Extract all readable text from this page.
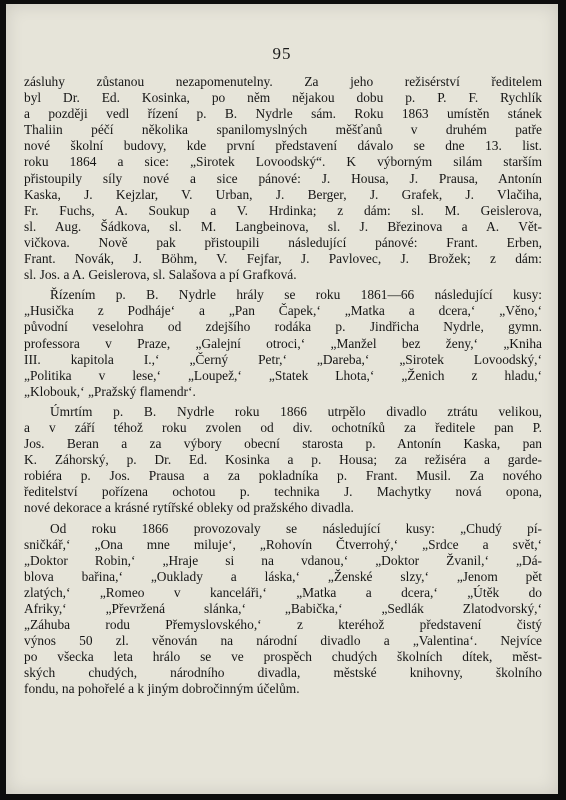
95
zásluhy zůstanou nezapomenutelny. Za jeho režisérství ředitelem
byl Dr. Ed. Kosinka, po něm nějakou dobu p. P. F. Rychlík
a později vedl řízení p. B. Nydrle sám. Roku 1863 umístěn stánek
Thaliin péčí několika spanilomyslných měšťanů v druhém patře
nové školní budovy, kde první představení dávalo se dne 13. list.
roku 1864 a sice: „Sirotek Lovoodský“. K výborným silám starším
přistoupily síly nové a sice pánové: J. Housa, J. Prausa, Antonín
Kaska, J. Kejzlar, V. Urban, J. Berger, J. Grafek, J. Vlačiha,
Fr. Fuchs, A. Soukup a V. Hrdinka; z dám: sl. M. Geislerova,
sl. Aug. Šádkova, sl. M. Langbeinova, sl. J. Březinova a A. Vět-
vičkova. Nově pak přistoupili následující pánové: Frant. Erben,
Frant. Novák, J. Böhm, V. Fejfar, J. Pavlovec, J. Brožek; z dám:
sl. Jos. a A. Geislerova, sl. Salašova a pí Grafková.
Řízením p. B. Nydrle hrály se roku 1861—66 následující kusy:
„Husička z Podhájeʻ a „Pan Čapek,ʻ „Matka a dcera,ʻ „Věno,ʻ
původní veselohra od zdejšího rodáka p. Jindřicha Nydrle, gymn.
professora v Praze, „Galejní otroci,ʻ „Manžel bez ženy,ʻ „Kniha
III. kapitola I.,ʻ „Černý Petr,ʻ „Dareba,ʻ „Sirotek Lovoodský,ʻ
„Politika v lese,ʻ „Loupež,ʻ „Statek Lhota,ʻ „Ženich z hladu,ʻ
„Klobouk,ʻ „Pražský flamendrʻ.
Úmrtím p. B. Nydrle roku 1866 utrpělo divadlo ztrátu velikou,
a v září téhož roku zvolen od div. ochotníků za ředitele pan P.
Jos. Beran a za výbory obecní starosta p. Antonín Kaska, pan
K. Záhorský, p. Dr. Ed. Kosinka a p. Housa; za režiséra a garde-
robiéra p. Jos. Prausa a za pokladníka p. Frant. Musil. Za nového
ředitelství pořízena ochotou p. technika J. Machytky nová opona,
nové dekorace a krásné rytířské obleky od pražského divadla.
Od roku 1866 provozovaly se následující kusy: „Chudý pí-
sničkář,ʻ „Ona mne milujeʻ, „Rohovín Čtverrohý,ʻ „Srdce a svět,ʻ
„Doktor Robin,ʻ „Hraje si na vdanou,ʻ „Doktor Žvanil,ʻ „Dá-
blova bařina,ʻ „Ouklady a láska,ʻ „Ženské slzy,ʻ „Jenom pět
zlatých,ʻ „Romeo v kanceláři,ʻ „Matka a dcera,ʻ „Útěk do
Afriky,ʻ „Převržená slánka,ʻ „Babička,ʻ „Sedlák Zlatodvorský,ʻ
„Záhuba rodu Přemyslovského,ʻ z kteréhož představení čistý
výnos 50 zl. věnován na národní divadlo a „Valentinaʻ. Nejvíce
po všecka leta hrálo se ve prospěch chudých školních dítek, měst-
ských chudých, národního divadla, městské knihovny, školního
fondu, na pohořelé a k jiným dobročinným účelům.
